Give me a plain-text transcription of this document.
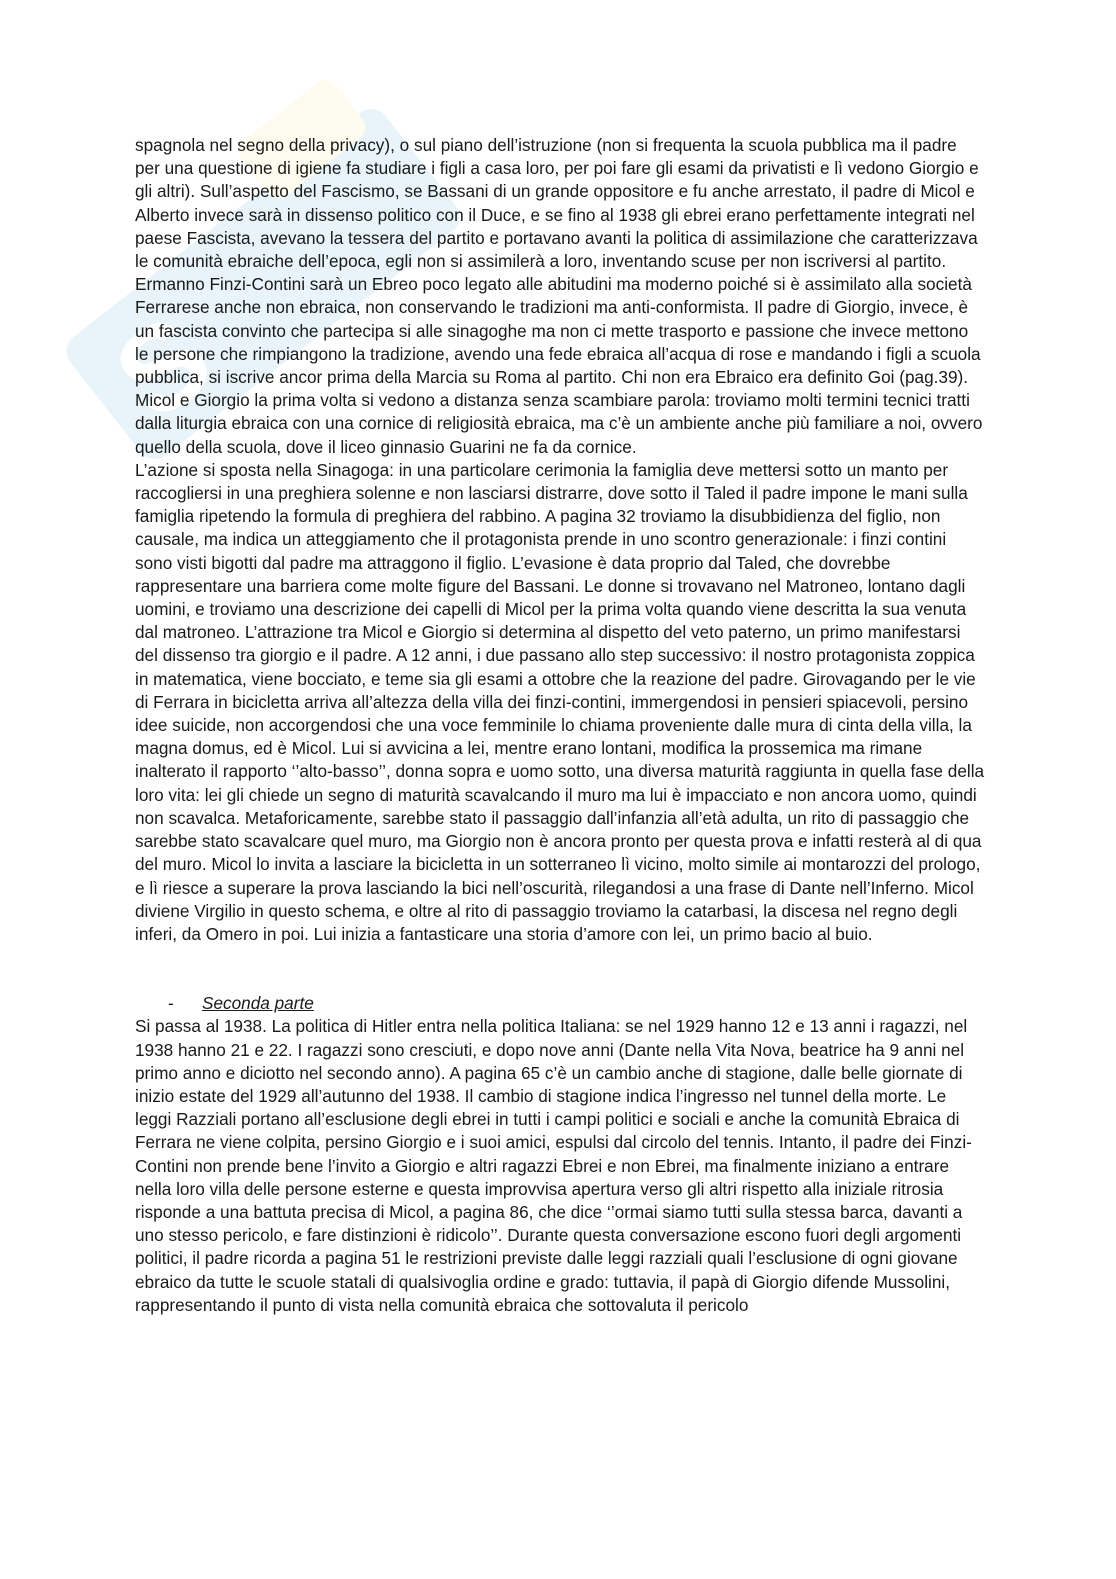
S

spagnola nel segno della privacy), o sul piano dell’istruzione (non si frequenta la scuola pubblica ma il padre per una questione di igiene fa studiare i figli a casa loro, per poi fare gli esami da privatisti e lì vedono Giorgio e gli altri). Sull’aspetto del Fascismo, se Bassani di un grande oppositore e fu anche arrestato, il padre di Micol e Alberto invece sarà in dissenso politico con il Duce, e se fino al 1938 gli ebrei erano perfettamente integrati nel paese Fascista, avevano la tessera del partito e portavano avanti la politica di assimilazione che caratterizzava le comunità ebraiche dell’epoca, egli non si assimilerà a loro, inventando scuse per non iscriversi al partito. Ermanno Finzi-Contini sarà un Ebreo poco legato alle abitudini ma moderno poiché si è assimilato alla società Ferrarese anche non ebraica, non conservando le tradizioni ma anti-conformista. Il padre di Giorgio, invece, è un fascista convinto che partecipa si alle sinagoghe ma non ci mette trasporto e passione che invece mettono le persone che rimpiangono la tradizione, avendo una fede ebraica all’acqua di rose e mandando i figli a scuola pubblica, si iscrive ancor prima della Marcia su Roma al partito. Chi non era Ebraico era definito Goi (pag.39).

Micol e Giorgio la prima volta si vedono a distanza senza scambiare parola: troviamo molti termini tecnici tratti dalla liturgia ebraica con una cornice di religiosità ebraica, ma c’è un ambiente anche più familiare a noi, ovvero quello della scuola, dove il liceo ginnasio Guarini ne fa da cornice.

L’azione si sposta nella Sinagoga: in una particolare cerimonia la famiglia deve mettersi sotto un manto per raccogliersi in una preghiera solenne e non lasciarsi distrarre, dove sotto il Taled il padre impone le mani sulla famiglia ripetendo la formula di preghiera del rabbino. A pagina 32 troviamo la disubbidienza del figlio, non causale, ma indica un atteggiamento che il protagonista prende in uno scontro generazionale: i finzi contini sono visti bigotti dal padre ma attraggono il figlio. L’evasione è data proprio dal Taled, che dovrebbe rappresentare una barriera come molte figure del Bassani. Le donne si trovavano nel Matroneo, lontano dagli uomini, e troviamo una descrizione dei capelli di Micol per la prima volta quando viene descritta la sua venuta dal matroneo. L’attrazione tra Micol e Giorgio si determina al dispetto del veto paterno, un primo manifestarsi del dissenso tra giorgio e il padre. A 12 anni, i due passano allo step successivo: il nostro protagonista zoppica in matematica, viene bocciato, e teme sia gli esami a ottobre che la reazione del padre. Girovagando per le vie di Ferrara in bicicletta arriva all’altezza della villa dei finzi-contini, immergendosi in pensieri spiacevoli, persino idee suicide, non accorgendosi che una voce femminile lo chiama proveniente dalle mura di cinta della villa, la magna domus, ed è Micol. Lui si avvicina a lei, mentre erano lontani, modifica la prossemica ma rimane inalterato il rapporto ‘’alto-basso’’, donna sopra e uomo sotto, una diversa maturità raggiunta in quella fase della loro vita: lei gli chiede un segno di maturità scavalcando il muro ma lui è impacciato e non ancora uomo, quindi non scavalca. Metaforicamente, sarebbe stato il passaggio dall’infanzia all’età adulta, un rito di passaggio che sarebbe stato scavalcare quel muro, ma Giorgio non è ancora pronto per questa prova e infatti resterà al di qua del muro. Micol lo invita a lasciare la bicicletta in un sotterraneo lì vicino, molto simile ai montarozzi del prologo, e lì riesce a superare la prova lasciando la bici nell’oscurità, rilegandosi a una frase di Dante nell’Inferno. Micol diviene Virgilio in questo schema, e oltre al rito di passaggio troviamo la catarbasi, la discesa nel regno degli inferi, da Omero in poi. Lui inizia a fantasticare una storia d’amore con lei, un primo bacio al buio.

- Seconda parte

Si passa al 1938. La politica di Hitler entra nella politica Italiana: se nel 1929 hanno 12 e 13 anni i ragazzi, nel 1938 hanno 21 e 22. I ragazzi sono cresciuti, e dopo nove anni (Dante nella Vita Nova, beatrice ha 9 anni nel primo anno e diciotto nel secondo anno). A pagina 65 c’è un cambio anche di stagione, dalle belle giornate di inizio estate del 1929 all’autunno del 1938. Il cambio di stagione indica l’ingresso nel tunnel della morte. Le leggi Razziali portano all’esclusione degli ebrei in tutti i campi politici e sociali e anche la comunità Ebraica di Ferrara ne viene colpita, persino Giorgio e i suoi amici, espulsi dal circolo del tennis. Intanto, il padre dei Finzi-Contini non prende bene l’invito a Giorgio e altri ragazzi Ebrei e non Ebrei, ma finalmente iniziano a entrare nella loro villa delle persone esterne e questa improvvisa apertura verso gli altri rispetto alla iniziale ritrosia risponde a una battuta precisa di Micol, a pagina 86, che dice ‘’ormai siamo tutti sulla stessa barca, davanti a uno stesso pericolo, e fare distinzioni è ridicolo’’. Durante questa conversazione escono fuori degli argomenti politici, il padre ricorda a pagina 51 le restrizioni previste dalle leggi razziali quali l’esclusione di ogni giovane ebraico da tutte le scuole statali di qualsivoglia ordine e grado: tuttavia, il papà di Giorgio difende Mussolini, rappresentando il punto di vista nella comunità ebraica che sottovaluta il pericolo
